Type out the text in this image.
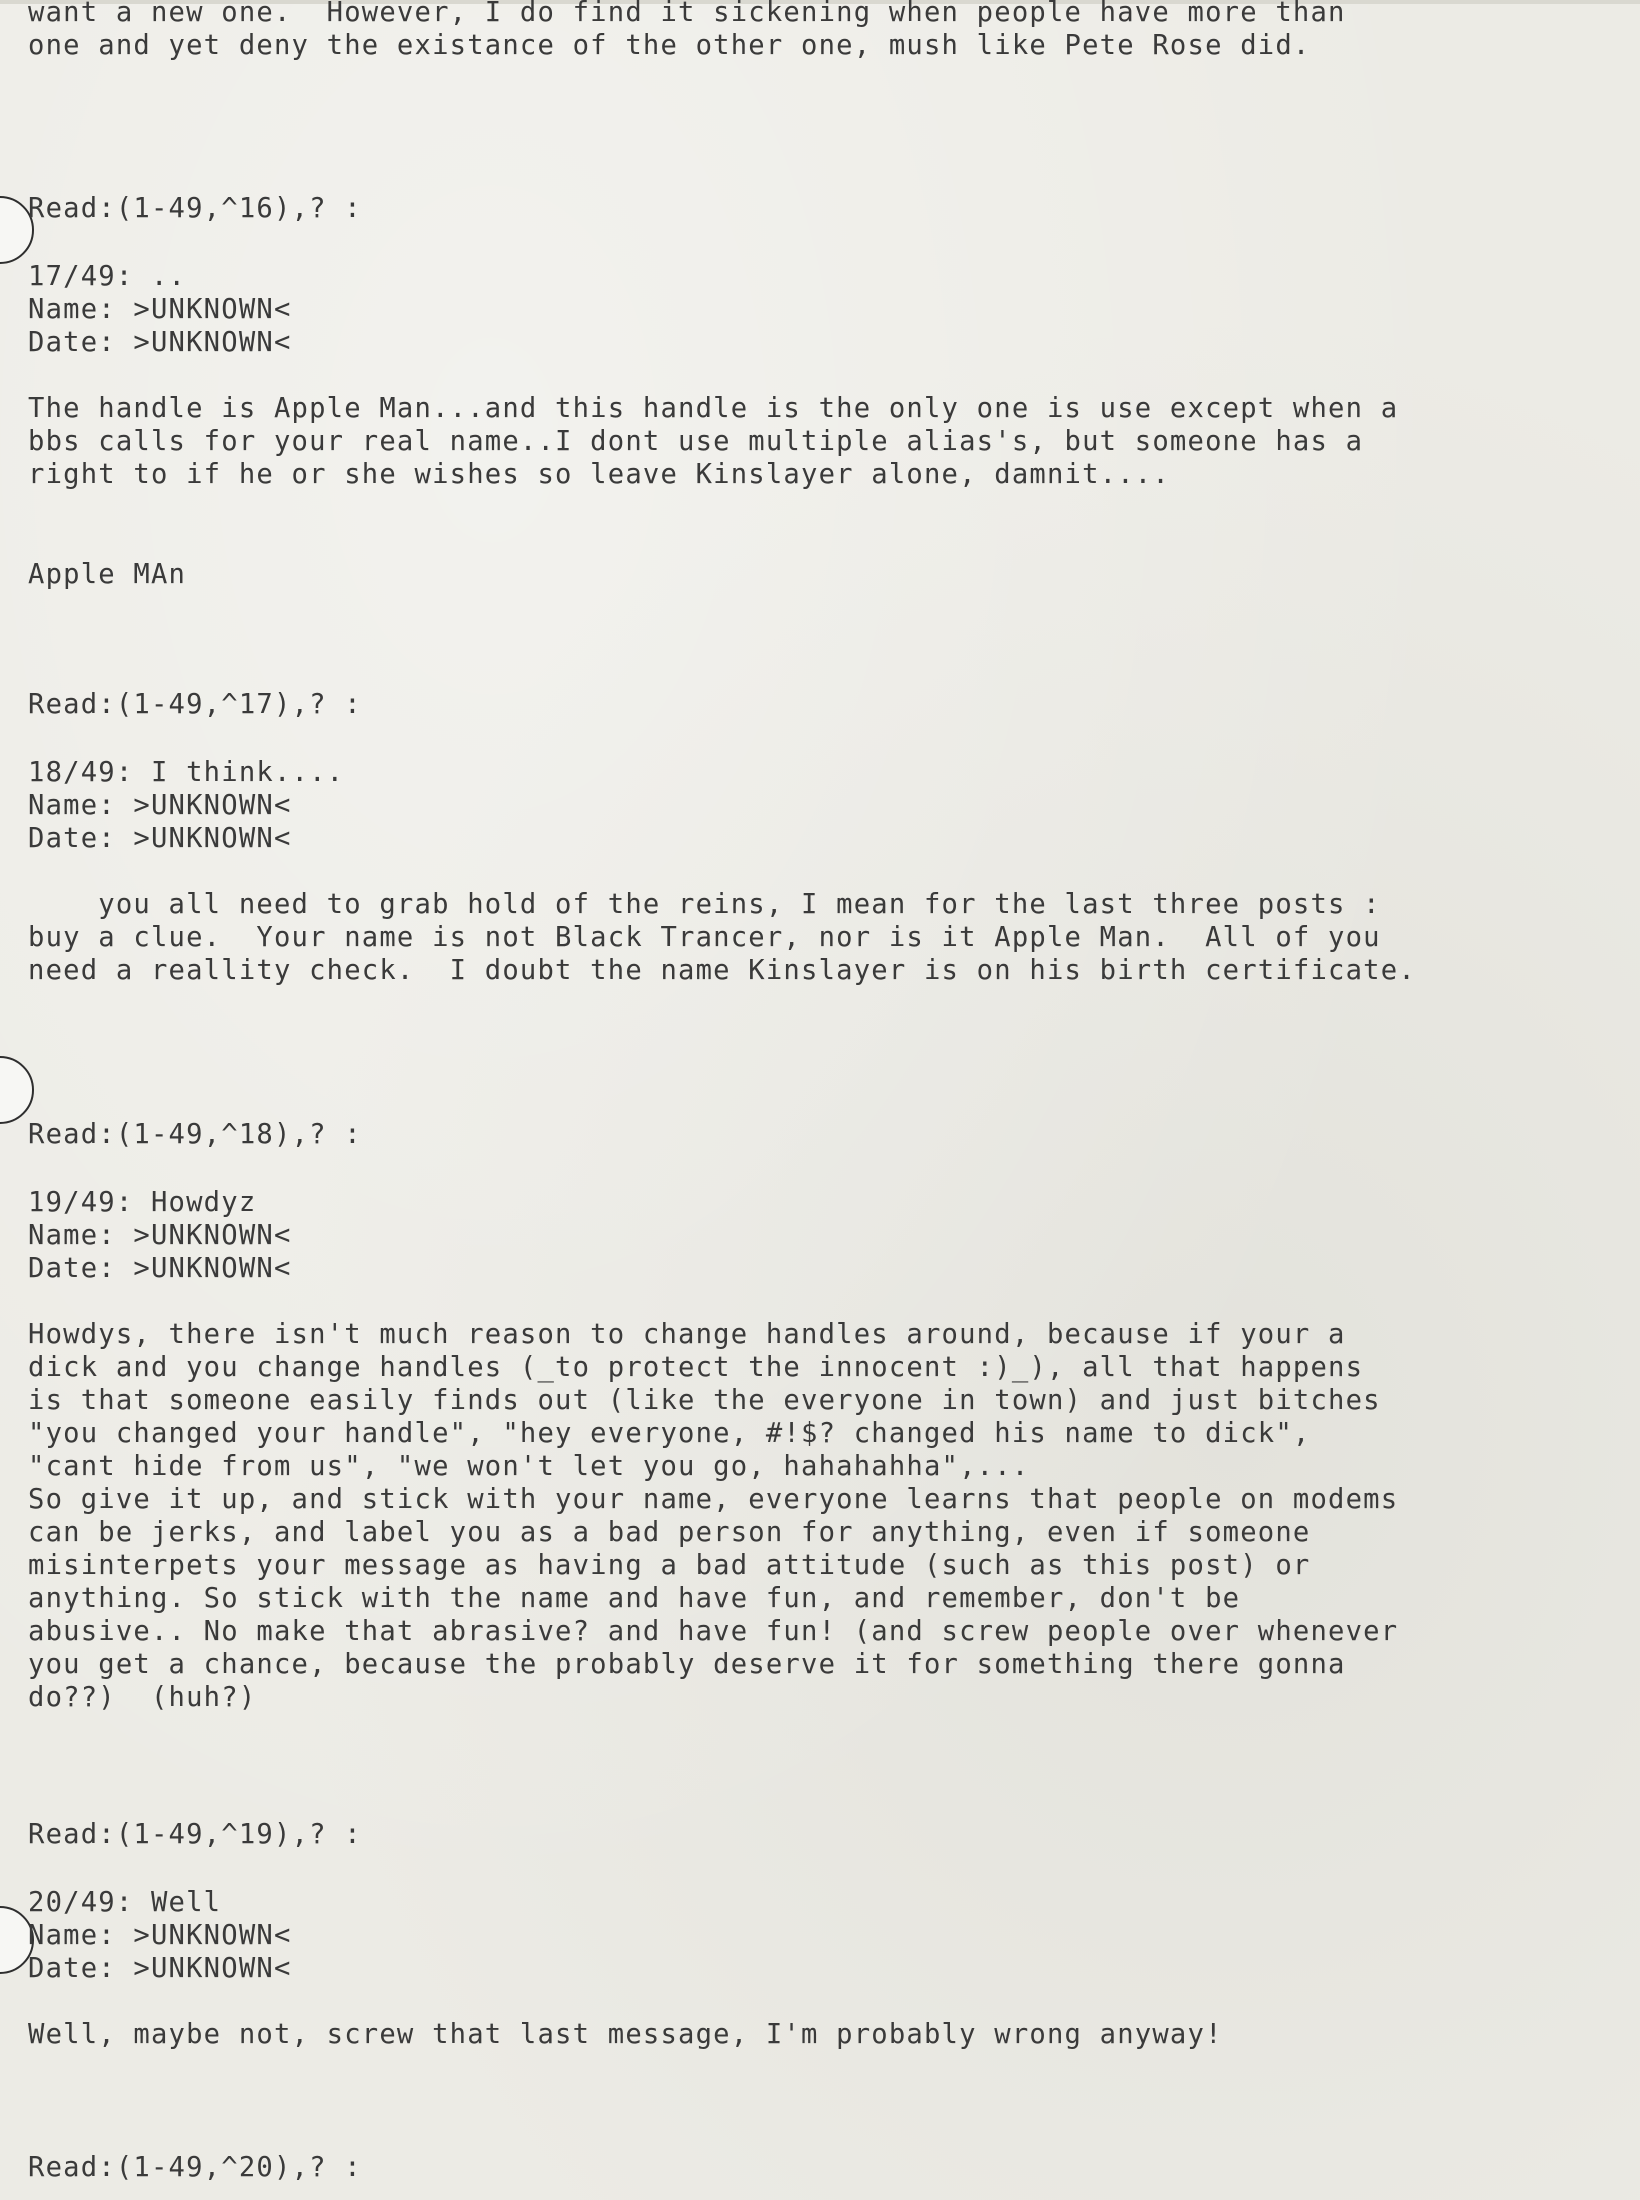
want a new one.  However, I do find it sickening when people have more than

one and yet deny the existance of the other one, mush like Pete Rose did.

Read:(1-49,^16),? :

17/49: ..

Name: >UNKNOWN<

Date: >UNKNOWN<

The handle is Apple Man...and this handle is the only one is use except when a

bbs calls for your real name..I dont use multiple alias's, but someone has a

right to if he or she wishes so leave Kinslayer alone, damnit....

Apple MAn

Read:(1-49,^17),? :

18/49: I think....

Name: >UNKNOWN<

Date: >UNKNOWN<

you all need to grab hold of the reins, I mean for the last three posts :

buy a clue.  Your name is not Black Trancer, nor is it Apple Man.  All of you

need a reallity check.  I doubt the name Kinslayer is on his birth certificate.

Read:(1-49,^18),? :

19/49: Howdyz

Name: >UNKNOWN<

Date: >UNKNOWN<

Howdys, there isn't much reason to change handles around, because if your a

dick and you change handles (_to protect the innocent :)_), all that happens

is that someone easily finds out (like the everyone in town) and just bitches

"you changed your handle", "hey everyone, #!$? changed his name to dick",

"cant hide from us", "we won't let you go, hahahahha",...

So give it up, and stick with your name, everyone learns that people on modems

can be jerks, and label you as a bad person for anything, even if someone

misinterpets your message as having a bad attitude (such as this post) or

anything. So stick with the name and have fun, and remember, don't be

abusive.. No make that abrasive? and have fun! (and screw people over whenever

you get a chance, because the probably deserve it for something there gonna

do??)  (huh?)

Read:(1-49,^19),? :

20/49: Well

Name: >UNKNOWN<

Date: >UNKNOWN<

Well, maybe not, screw that last message, I'm probably wrong anyway!

Read:(1-49,^20),? :
